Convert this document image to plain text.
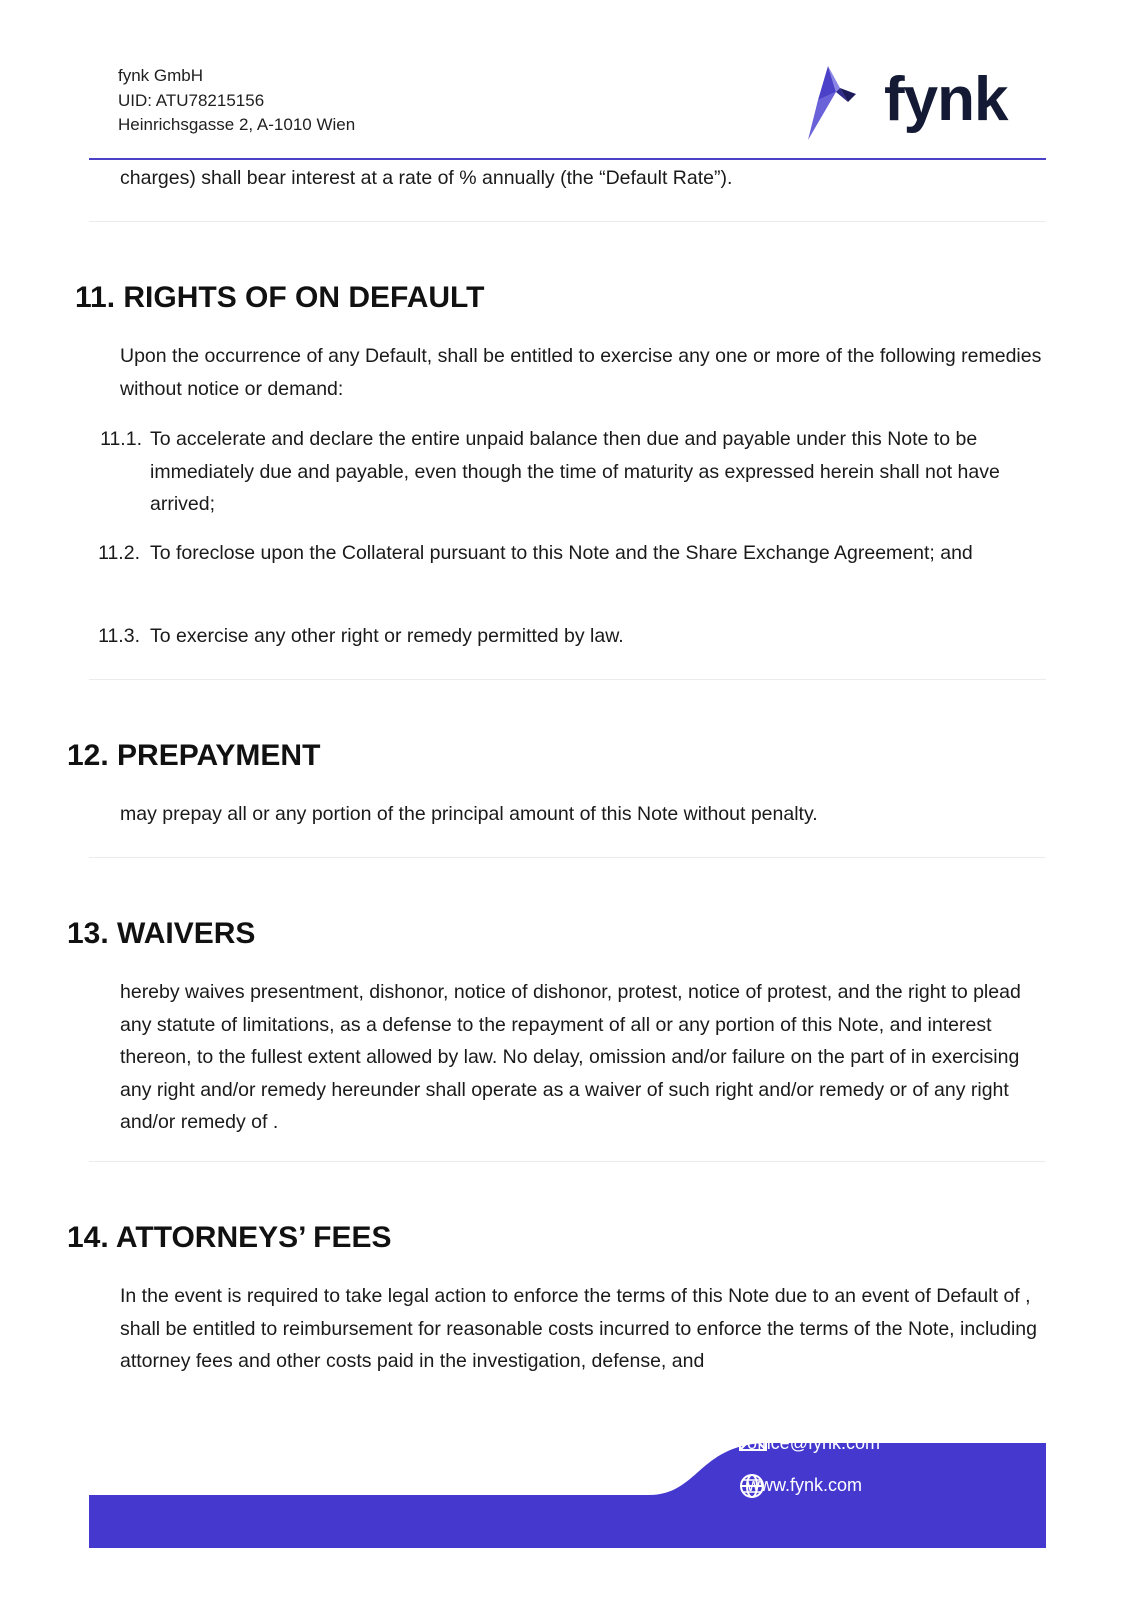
fynk GmbH
UID: ATU78215156
Heinrichsgasse 2, A-1010 Wien	fynk
charges) shall bear interest at a rate of % annually (the “Default Rate”).
11. RIGHTS OF ON DEFAULT
Upon the occurrence of any Default, shall be entitled to exercise any one or more of the following remedies without notice or demand:
11.1. To accelerate and declare the entire unpaid balance then due and payable under this Note to be immediately due and payable, even though the time of maturity as expressed herein shall not have arrived;
11.2. To foreclose upon the Collateral pursuant to this Note and the Share Exchange Agreement; and
11.3. To exercise any other right or remedy permitted by law.
12. PREPAYMENT
may prepay all or any portion of the principal amount of this Note without penalty.
13. WAIVERS
hereby waives presentment, dishonor, notice of dishonor, protest, notice of protest, and the right to plead any statute of limitations, as a defense to the repayment of all or any portion of this Note, and interest thereon, to the fullest extent allowed by law. No delay, omission and/or failure on the part of in exercising any right and/or remedy hereunder shall operate as a waiver of such right and/or remedy or of any right and/or remedy of .
14. ATTORNEYS’ FEES
In the event is required to take legal action to enforce the terms of this Note due to an event of Default of , shall be entitled to reimbursement for reasonable costs incurred to enforce the terms of the Note, including attorney fees and other costs paid in the investigation, defense, and
office@fynk.com
www.fynk.com
